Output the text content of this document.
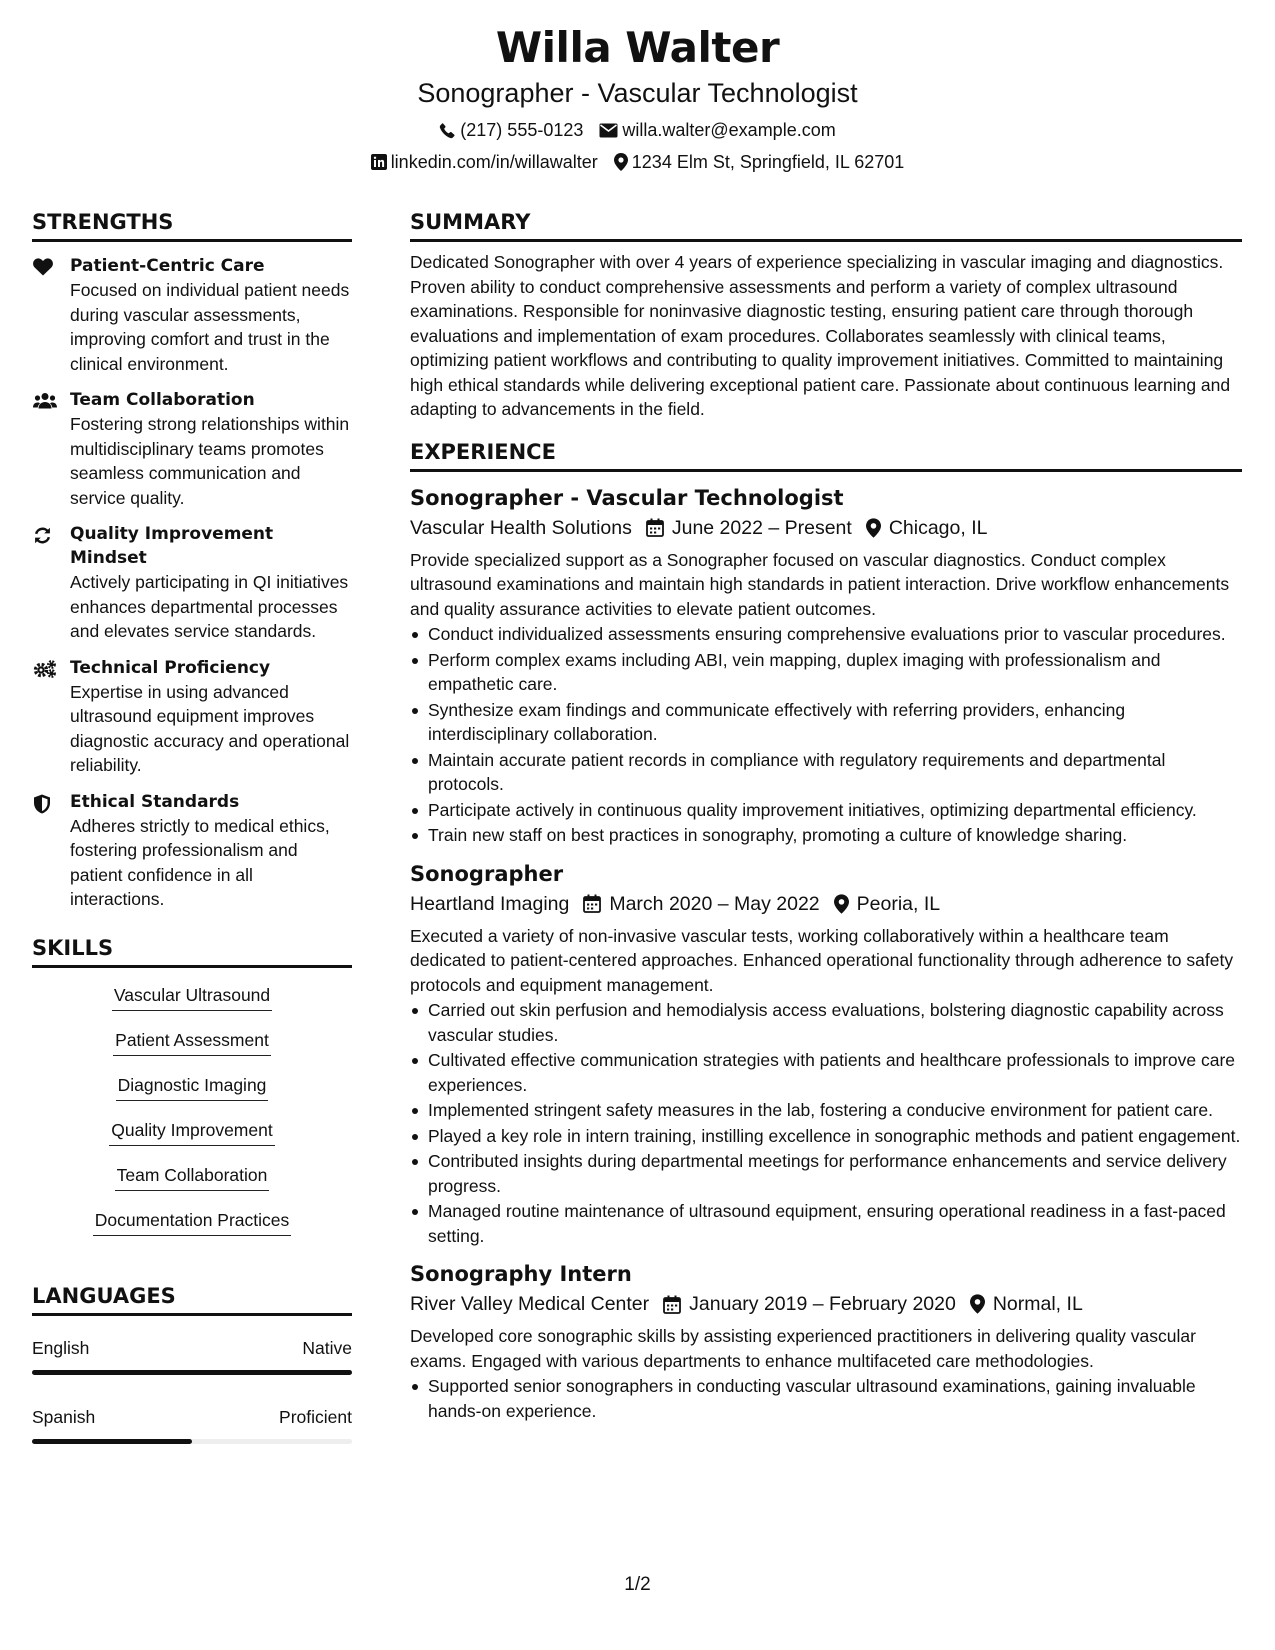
Willa Walter
Sonographer - Vascular Technologist
(217) 555-0123 willa.walter@example.com
linkedin.com/in/willawalter 1234 Elm St, Springfield, IL 62701
STRENGTHS
Patient-Centric Care
Focused on individual patient needs during vascular assessments, improving comfort and trust in the clinical environment.
Team Collaboration
Fostering strong relationships within multidisciplinary teams promotes seamless communication and service quality.
Quality Improvement Mindset
Actively participating in QI initiatives enhances departmental processes and elevates service standards.
Technical Proficiency
Expertise in using advanced ultrasound equipment improves diagnostic accuracy and operational reliability.
Ethical Standards
Adheres strictly to medical ethics, fostering professionalism and patient confidence in all interactions.
SKILLS
Vascular Ultrasound
Patient Assessment
Diagnostic Imaging
Quality Improvement
Team Collaboration
Documentation Practices
LANGUAGES
English	Native
Spanish	Proficient
SUMMARY
Dedicated Sonographer with over 4 years of experience specializing in vascular imaging and diagnostics. Proven ability to conduct comprehensive assessments and perform a variety of complex ultrasound examinations. Responsible for noninvasive diagnostic testing, ensuring patient care through thorough evaluations and implementation of exam procedures. Collaborates seamlessly with clinical teams, optimizing patient workflows and contributing to quality improvement initiatives. Committed to maintaining high ethical standards while delivering exceptional patient care. Passionate about continuous learning and adapting to advancements in the field.
EXPERIENCE
Sonographer - Vascular Technologist
Vascular Health Solutions June 2022 – Present Chicago, IL
Provide specialized support as a Sonographer focused on vascular diagnostics. Conduct complex ultrasound examinations and maintain high standards in patient interaction. Drive workflow enhancements and quality assurance activities to elevate patient outcomes.
Conduct individualized assessments ensuring comprehensive evaluations prior to vascular procedures.
Perform complex exams including ABI, vein mapping, duplex imaging with professionalism and empathetic care.
Synthesize exam findings and communicate effectively with referring providers, enhancing interdisciplinary collaboration.
Maintain accurate patient records in compliance with regulatory requirements and departmental protocols.
Participate actively in continuous quality improvement initiatives, optimizing departmental efficiency.
Train new staff on best practices in sonography, promoting a culture of knowledge sharing.
Sonographer
Heartland Imaging March 2020 – May 2022 Peoria, IL
Executed a variety of non-invasive vascular tests, working collaboratively within a healthcare team dedicated to patient-centered approaches. Enhanced operational functionality through adherence to safety protocols and equipment management.
Carried out skin perfusion and hemodialysis access evaluations, bolstering diagnostic capability across vascular studies.
Cultivated effective communication strategies with patients and healthcare professionals to improve care experiences.
Implemented stringent safety measures in the lab, fostering a conducive environment for patient care.
Played a key role in intern training, instilling excellence in sonographic methods and patient engagement.
Contributed insights during departmental meetings for performance enhancements and service delivery progress.
Managed routine maintenance of ultrasound equipment, ensuring operational readiness in a fast-paced setting.
Sonography Intern
River Valley Medical Center January 2019 – February 2020 Normal, IL
Developed core sonographic skills by assisting experienced practitioners in delivering quality vascular exams. Engaged with various departments to enhance multifaceted care methodologies.
Supported senior sonographers in conducting vascular ultrasound examinations, gaining invaluable hands-on experience.
1/2
